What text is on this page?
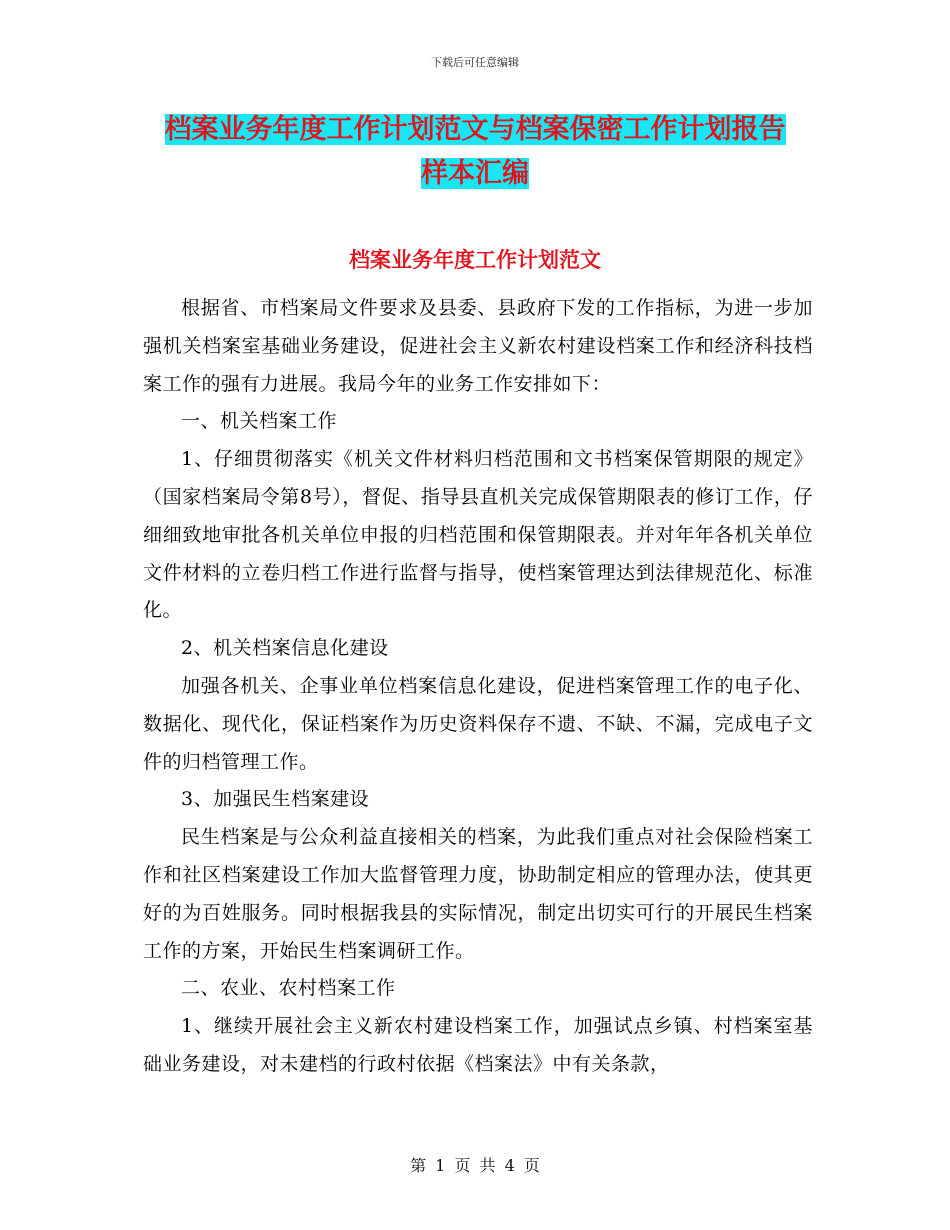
下载后可任意编辑
档案业务年度工作计划范文与档案保密工作计划报告
样本汇编
档案业务年度工作计划范文

根据省、市档案局文件要求及县委、县政府下发的工作指标，为进一步加强机关档案室基础业务建设，促进社会主义新农村建设档案工作和经济科技档案工作的强有力进展。我局今年的业务工作安排如下：

一、机关档案工作

1、仔细贯彻落实《机关文件材料归档范围和文书档案保管期限的规定》（国家档案局令第8号），督促、指导县直机关完成保管期限表的修订工作，仔细细致地审批各机关单位申报的归档范围和保管期限表。并对年年各机关单位文件材料的立卷归档工作进行监督与指导，使档案管理达到法律规范化、标准化。

2、机关档案信息化建设

加强各机关、企事业单位档案信息化建设，促进档案管理工作的电子化、数据化、现代化，保证档案作为历史资料保存不遗、不缺、不漏，完成电子文件的归档管理工作。

3、加强民生档案建设

民生档案是与公众利益直接相关的档案，为此我们重点对社会保险档案工作和社区档案建设工作加大监督管理力度，协助制定相应的管理办法，使其更好的为百姓服务。同时根据我县的实际情况，制定出切实可行的开展民生档案工作的方案，开始民生档案调研工作。

二、农业、农村档案工作

1、继续开展社会主义新农村建设档案工作，加强试点乡镇、村档案室基础业务建设，对未建档的行政村依据《档案法》中有关条款，

第 1 页 共 4 页
